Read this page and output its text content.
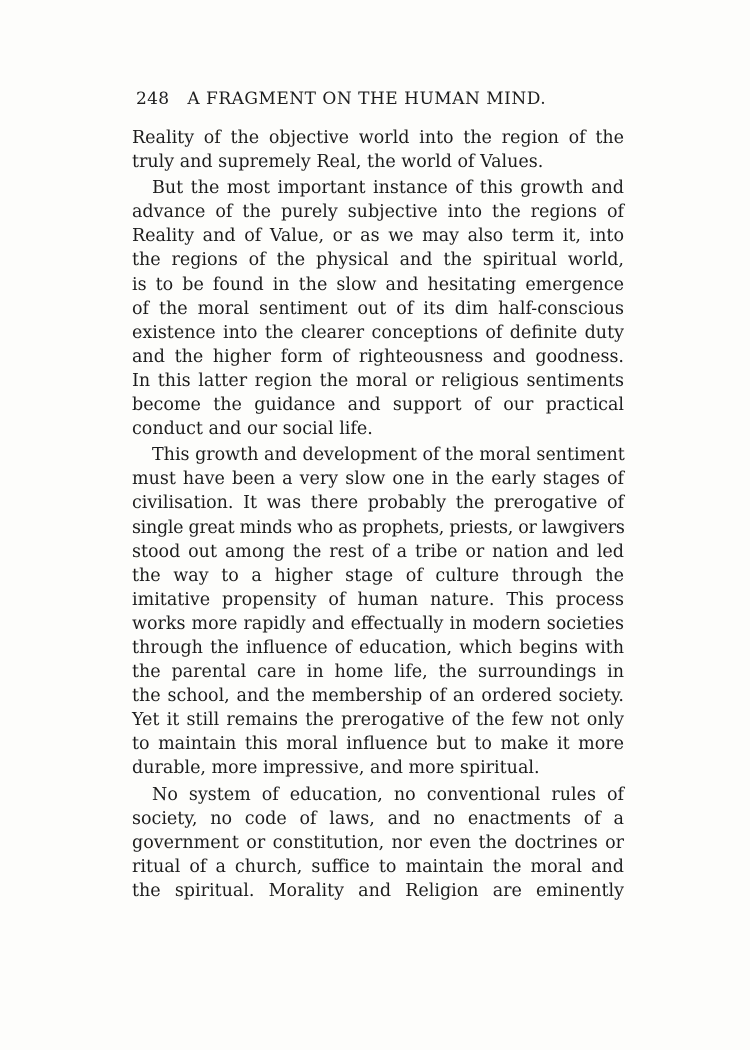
248 A FRAGMENT ON THE HUMAN MIND.
Reality of the objective world into the region of the
truly and supremely Real, the world of Values.
But the most important instance of this growth and
advance of the purely subjective into the regions of
Reality and of Value, or as we may also term it, into
the regions of the physical and the spiritual world,
is to be found in the slow and hesitating emergence
of the moral sentiment out of its dim half-conscious
existence into the clearer conceptions of definite duty
and the higher form of righteousness and goodness.
In this latter region the moral or religious sentiments
become the guidance and support of our practical
conduct and our social life.
This growth and development of the moral sentiment
must have been a very slow one in the early stages of
civilisation. It was there probably the prerogative of
single great minds who as prophets, priests, or lawgivers
stood out among the rest of a tribe or nation and led
the way to a higher stage of culture through the
imitative propensity of human nature. This process
works more rapidly and effectually in modern societies
through the influence of education, which begins with
the parental care in home life, the surroundings in
the school, and the membership of an ordered society.
Yet it still remains the prerogative of the few not only
to maintain this moral influence but to make it more
durable, more impressive, and more spiritual.
No system of education, no conventional rules of
society, no code of laws, and no enactments of a
government or constitution, nor even the doctrines or
ritual of a church, suffice to maintain the moral and
the spiritual. Morality and Religion are eminently
